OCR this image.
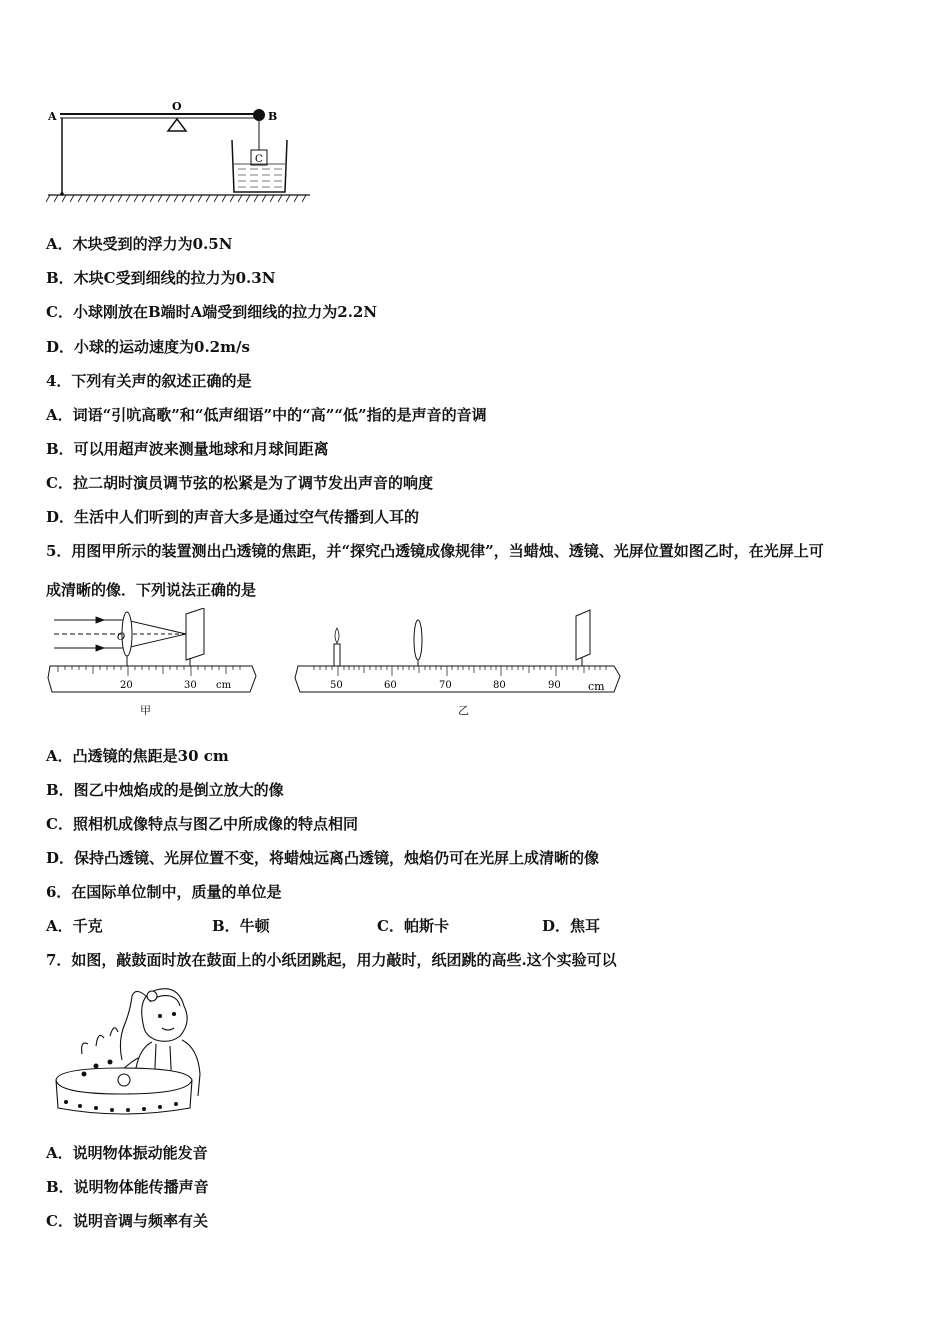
A
O
B
C
A．木块受到的浮力为0.5N
B．木块C受到细线的拉力为0.3N
C．小球刚放在B端时A端受到细线的拉力为2.2N
D．小球的运动速度为0.2m/s
4．下列有关声的叙述正确的是
A．词语“引吭高歌”和“低声细语”中的“高”“低”指的是声音的音调
B．可以用超声波来测量地球和月球间距离
C．拉二胡时演员调节弦的松紧是为了调节发出声音的响度
D．生活中人们听到的声音大多是通过空气传播到人耳的
5．用图甲所示的装置测出凸透镜的焦距，并“探究凸透镜成像规律”，当蜡烛、透镜、光屏位置如图乙时，在光屏上可
成清晰的像．下列说法正确的是
O
20	30 cm
甲
50	60	70	80	90 cm
乙
A．凸透镜的焦距是30 cm
B．图乙中烛焰成的是倒立放大的像
C．照相机成像特点与图乙中所成像的特点相同
D．保持凸透镜、光屏位置不变，将蜡烛远离凸透镜，烛焰仍可在光屏上成清晰的像
6．在国际单位制中，质量的单位是
A．千克	B．牛顿	C．帕斯卡	D．焦耳
7．如图，敲鼓面时放在鼓面上的小纸团跳起，用力敲时，纸团跳的高些.这个实验可以
A．说明物体振动能发音
B．说明物体能传播声音
C．说明音调与频率有关
